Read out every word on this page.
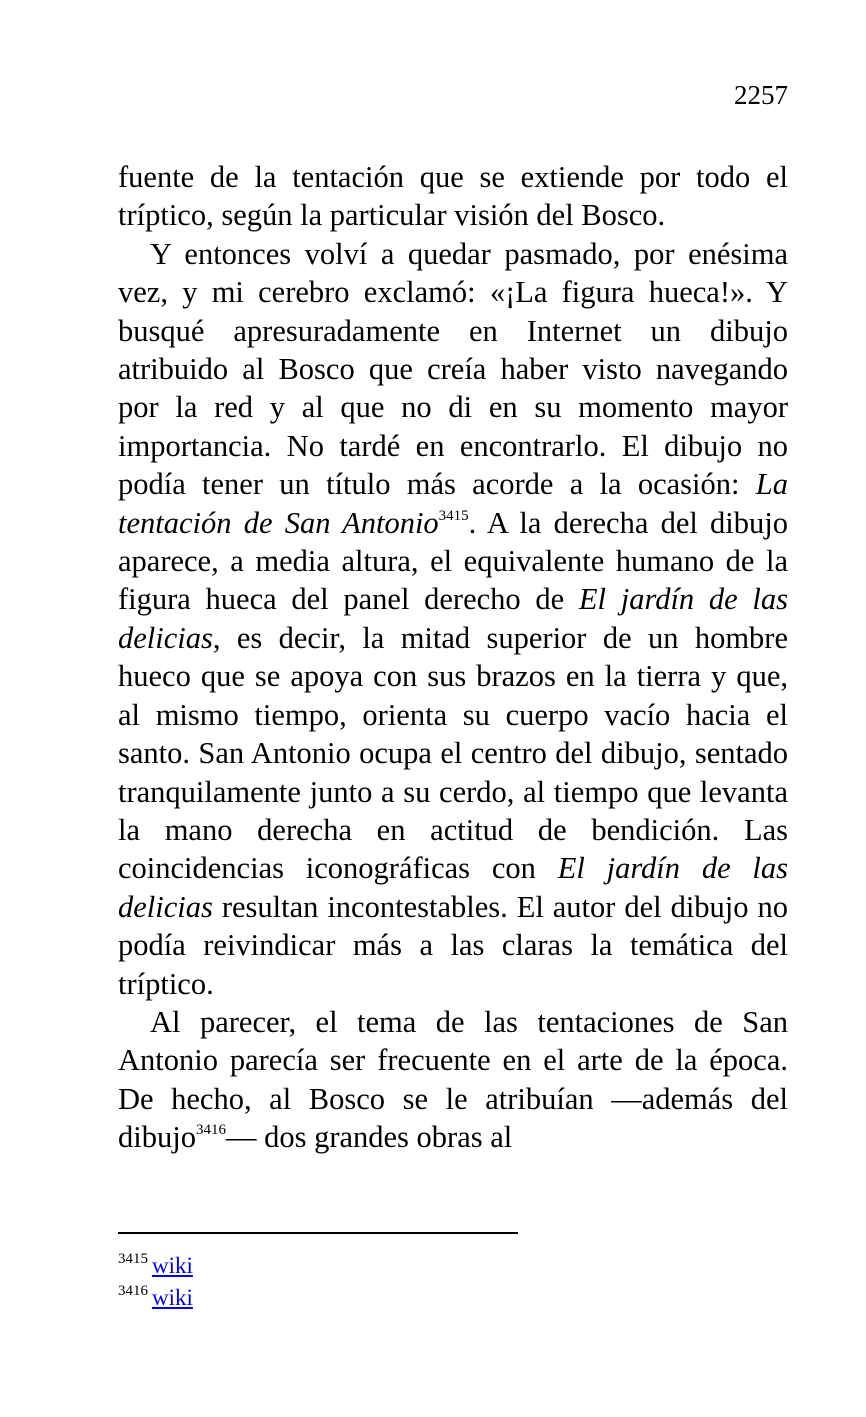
2257

fuente de la tentación que se extiende por todo el tríptico, según la particular visión del Bosco.

Y entonces volví a quedar pasmado, por enésima vez, y mi cerebro exclamó: «¡La figura hueca!». Y busqué apresuradamente en Internet un dibujo atribuido al Bosco que creía haber visto navegando por la red y al que no di en su momento mayor importancia. No tardé en encontrarlo. El dibujo no podía tener un título más acorde a la ocasión: La tentación de San Antonio$^{3415}$. A la derecha del dibujo aparece, a media altura, el equivalente humano de la figura hueca del panel derecho de El jardín de las delicias, es decir, la mitad superior de un hombre hueco que se apoya con sus brazos en la tierra y que, al mismo tiempo, orienta su cuerpo vacío hacia el santo. San Antonio ocupa el centro del dibujo, sentado tranquilamente junto a su cerdo, al tiempo que levanta la mano derecha en actitud de bendición. Las coincidencias iconográficas con El jardín de las delicias resultan incontestables. El autor del dibujo no podía reivindicar más a las claras la temática del tríptico.

Al parecer, el tema de las tentaciones de San Antonio parecía ser frecuente en el arte de la época. De hecho, al Bosco se le atribuían —además del dibujo$^{3416}$— dos grandes obras al

$^{3415}$ wiki
$^{3416}$ wiki
